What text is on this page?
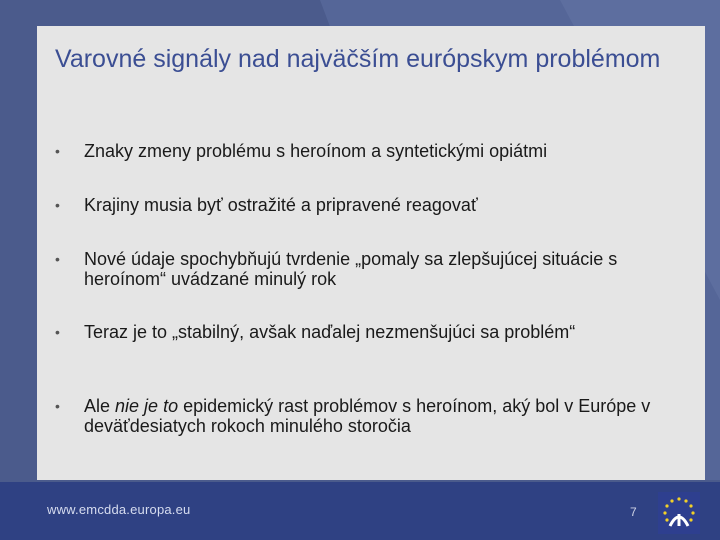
Varovné signály nad najväčším európskym problémom
• Znaky zmeny problému s heroínom a syntetickými opiátmi
• Krajiny musia byť ostražité a pripravené reagovať
• Nové údaje spochybňujú tvrdenie „pomaly sa zlepšujúcej situácie s heroínom“ uvádzané minulý rok
• Teraz je to „stabilný, avšak naďalej nezmenšujúci sa problém“
• Ale nie je to epidemický rast problémov s heroínom, aký bol v Európe v deväťdesiatych rokoch minulého storočia
www.emcdda.europa.eu	7
